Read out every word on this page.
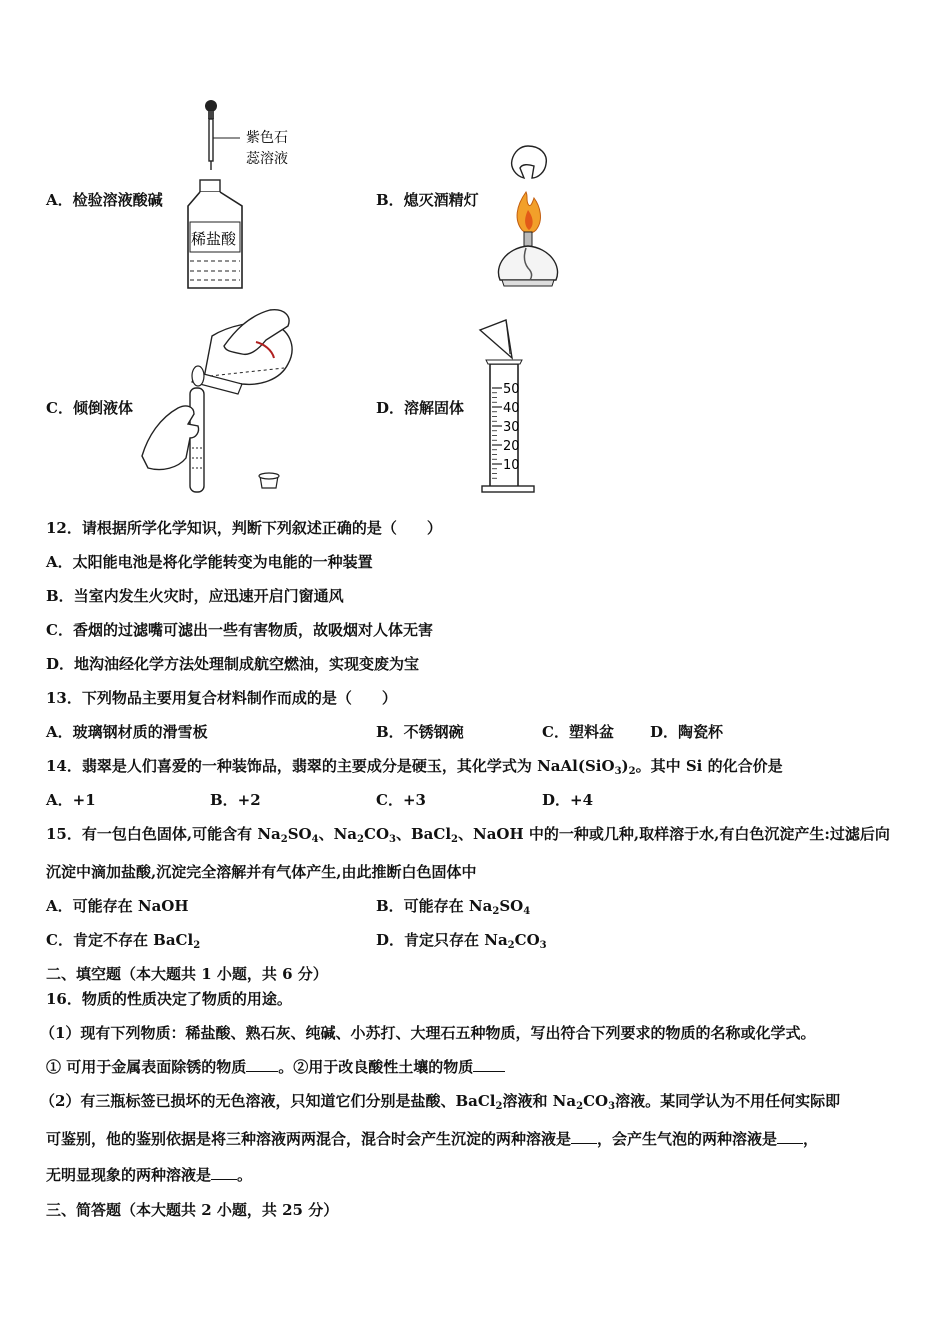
紫色石
蕊溶液
稀盐酸
A．检验溶液酸碱	B．熄灭酒精灯
C．倾倒液体
50
40
30
20
10
D．溶解固体
12．请根据所学化学知识，判断下列叙述正确的是（　　）
A．太阳能电池是将化学能转变为电能的一种装置
B．当室内发生火灾时，应迅速开启门窗通风
C．香烟的过滤嘴可滤出一些有害物质，故吸烟对人体无害
D．地沟油经化学方法处理制成航空燃油，实现变废为宝
13．下列物品主要用复合材料制作而成的是（　　）
A．玻璃钢材质的滑雪板	B．不锈钢碗	C．塑料盆 D．陶瓷杯
14．翡翠是人们喜爱的一种装饰品，翡翠的主要成分是硬玉，其化学式为 $NaAl(SiO_3)_2$。其中 Si 的化合价是
A．+1	B．+2	C．+3	D．+4
15．有一包白色固体,可能含有 $Na_2SO_4$、$Na_2CO_3$、BaCl$_2$、NaOH 中的一种或几种,取样溶于水,有白色沉淀产生:过滤后向
沉淀中滴加盐酸,沉淀完全溶解并有气体产生,由此推断白色固体中
A．可能存在 NaOH	B．可能存在 $Na_2SO_4$
C．肯定不存在 BaCl$_2$	D．肯定只存在 $Na_2CO_3$
二、填空题（本大题共 1 小题，共 6 分）
16．物质的性质决定了物质的用途。
（1）现有下列物质：稀盐酸、熟石灰、纯碱、小苏打、大理石五种物质，写出符合下列要求的物质的名称或化学式。
① 可用于金属表面除锈的物质 。②用于改良酸性土壤的物质
（2）有三瓶标签已损坏的无色溶液，只知道它们分别是盐酸、BaCl$_2$溶液和 $Na_2CO_3$溶液。某同学认为不用任何实际即
可鉴别，他的鉴别依据是将三种溶液两两混合，混合时会产生沉淀的两种溶液是 ，会产生气泡的两种溶液是 ，
无明显现象的两种溶液是 。
三、简答题（本大题共 2 小题，共 25 分）
